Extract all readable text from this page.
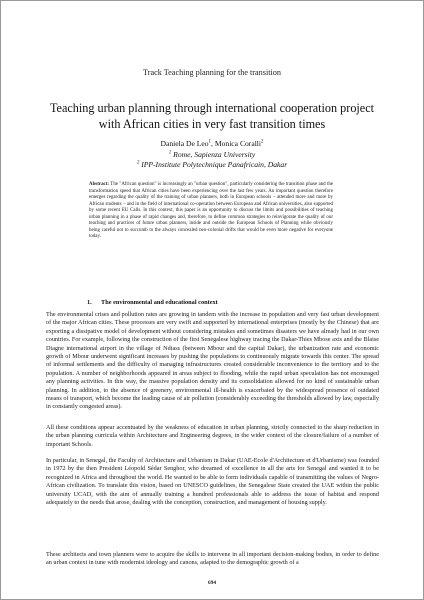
Track Teaching planning for the transition
Teaching urban planning through international cooperation project with African cities in very fast transition times
Daniela De Leo$^1$, Monica Coralli$^2$
$^1$ Rome, Sapienza University
$^2$ IPP-Institute Polytechnique Panafricain, Dakar
Abstract: The "African question" is increasingly an "urban question", particularly considering the transition phase and the transformation speed that African cities have been experiencing over the last few years. An important question therefore emerges regarding the quality of the training of urban planners, both in European schools – attended more and more by African students – and in the field of international co-operation between European and African universities, also supported by some recent EU Calls. In this context, this paper is an opportunity to discuss the limits and possibilities of teaching urban planning in a phase of rapid changes and, therefore, to define common strategies to reinvigorate the quality of our teaching and practices of future urban planners, inside and outside the European Schools of Planning while obviously being careful not to succumb to the always concealed neo-colonial drifts that would be even more negative for everyone today.
1. The environmental and educational context

The environmental crises and pollution rates are growing in tandem with the increase in population and very fast urban development of the major African cities. These processes are very swift and supported by international enterprises (mostly by the Chinese) that are exporting a dissipative model of development without considering mistakes and sometimes disasters we have already had in our own countries. For example, following the construction of the first Senegalese highway tracing the Dakar-Thies Mbose axis and the Blaise Diagne international airport in the village of Ndiass (between Mbour and the capital Dakar), the urbanization rate and economic growth of Mbour underwent significant increases by pushing the populations to continuously migrate towards this center. The spread of informal settlements and the difficulty of managing infrastructures created considerable inconvenience to the territory and to the population. A number of neighborhoods appeared in areas subject to flooding, while the rapid urban speculation has not encouraged any planning activities. In this way, the massive population density and its consolidation allowed for no kind of sustainable urban planning. In addition, to the absence of greenery, environmental ill-health is exacerbated by the widespread presence of outdated means of transport, which become the leading cause of air pollution (considerably exceeding the thresholds allowed by law, especially in constantly congested areas).

All these conditions appear accentuated by the weakness of education in urban planning, strictly connected to the sharp reduction in the urban planning curricula within Architecture and Engineering degrees, in the wider context of the closure/failure of a number of important Schools.

In particular, in Senegal, the Faculty of Architecture and Urbanism in Dakar (UAE-Ecole d'Architecture et d'Urbanisme) was founded in 1972 by the then President Léopold Sédar Senghor, who dreamed of excellence in all the arts for Senegal and wanted it to be recognized in Africa and throughout the world. He wanted to be able to form individuals capable of transmitting the values of Negro-African civilization. To translate this vision, based on UNESCO guidelines, the Senegalese State created the UAE within the public university UCAD, with the aim of annually training a hundred professionals able to address the issue of habitat and respond adequately to the needs that arose, dealing with the conception, construction, and management of housing supply.

These architects and town planners were to acquire the skills to intervene in all important decision-making bodies, in order to define an urban context in tune with modernist ideology and canons, adapted to the demographic growth of a

694
